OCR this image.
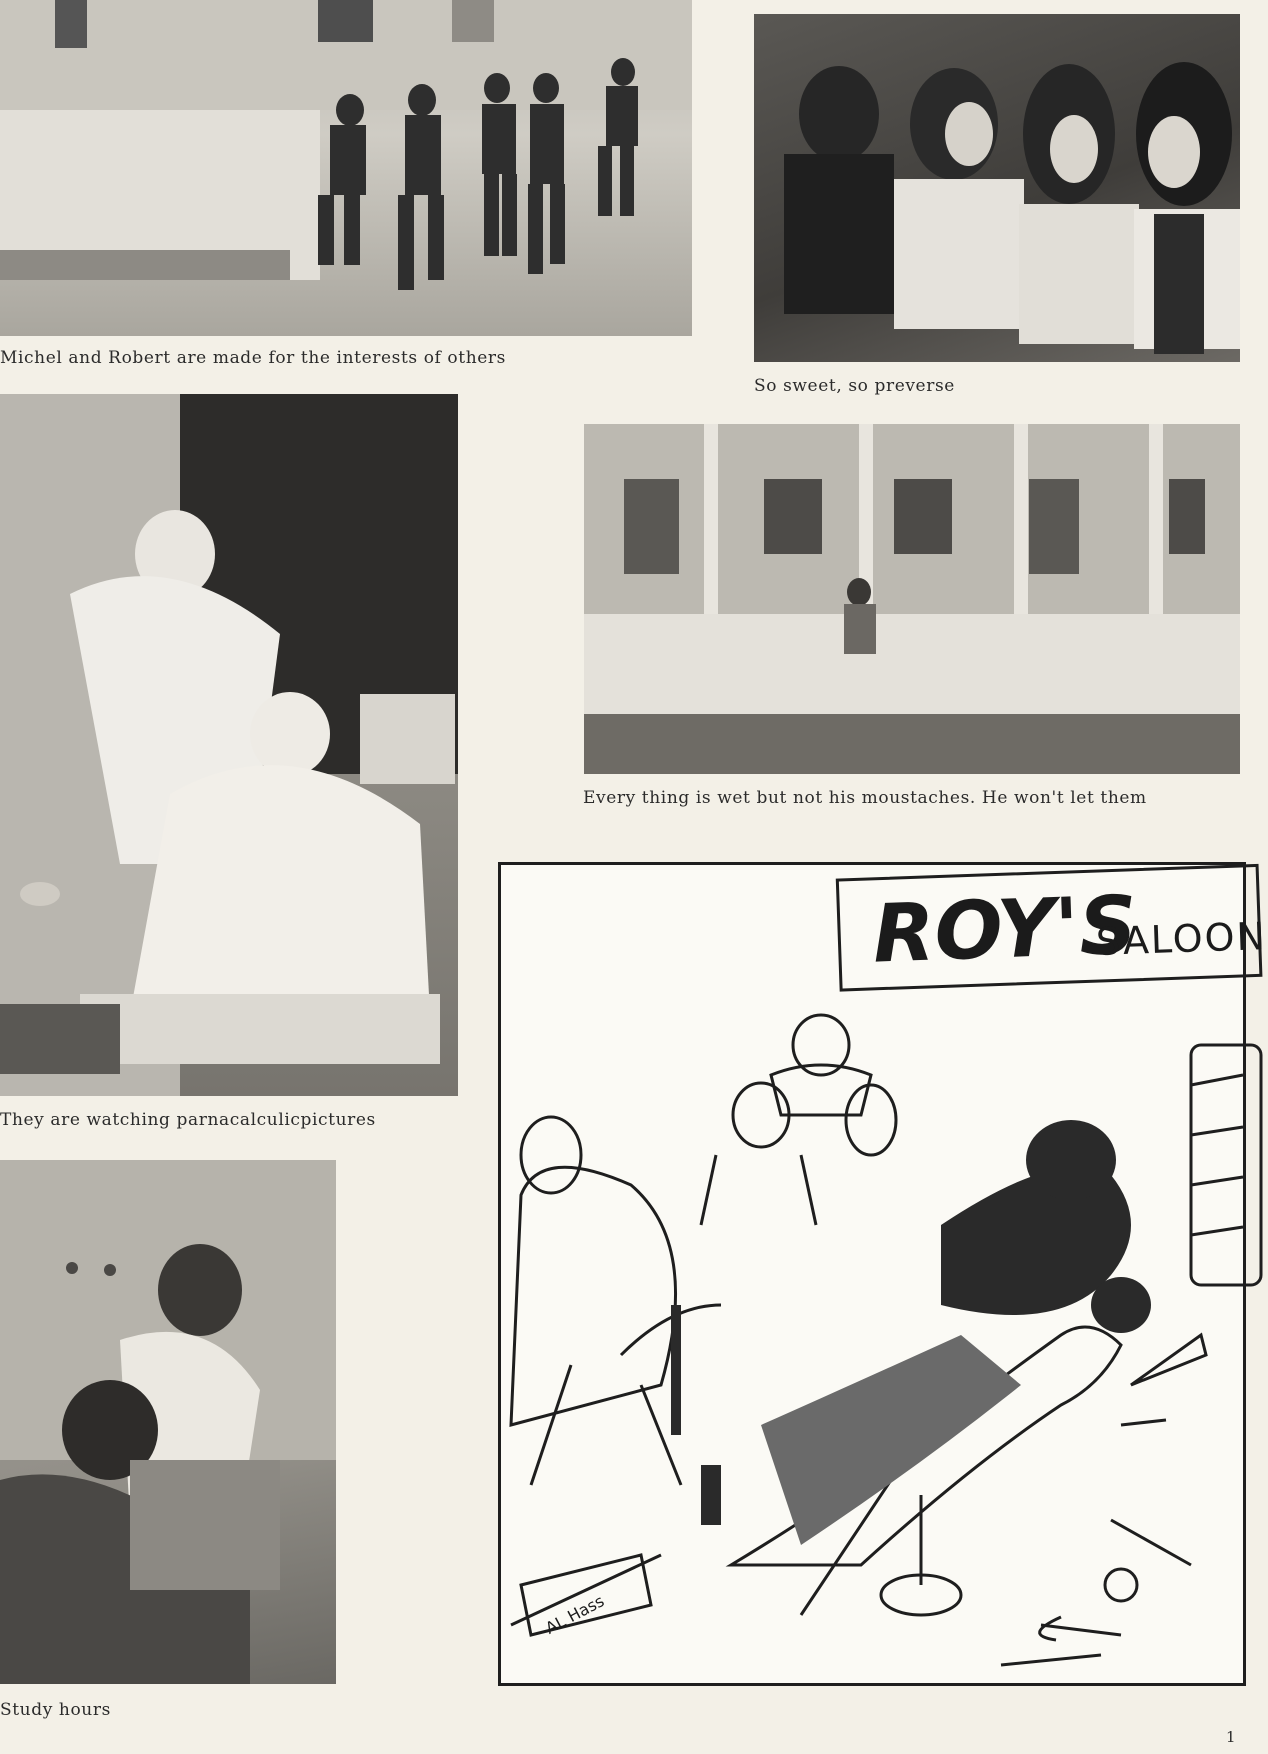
Michel and Robert are made for the interests of others
So sweet, so preverse
They are watching parnacalculicpictures
Every thing is wet but not his moustaches. He won't let them
Study hours
ROY'S
SALOON
AL Hass
1
